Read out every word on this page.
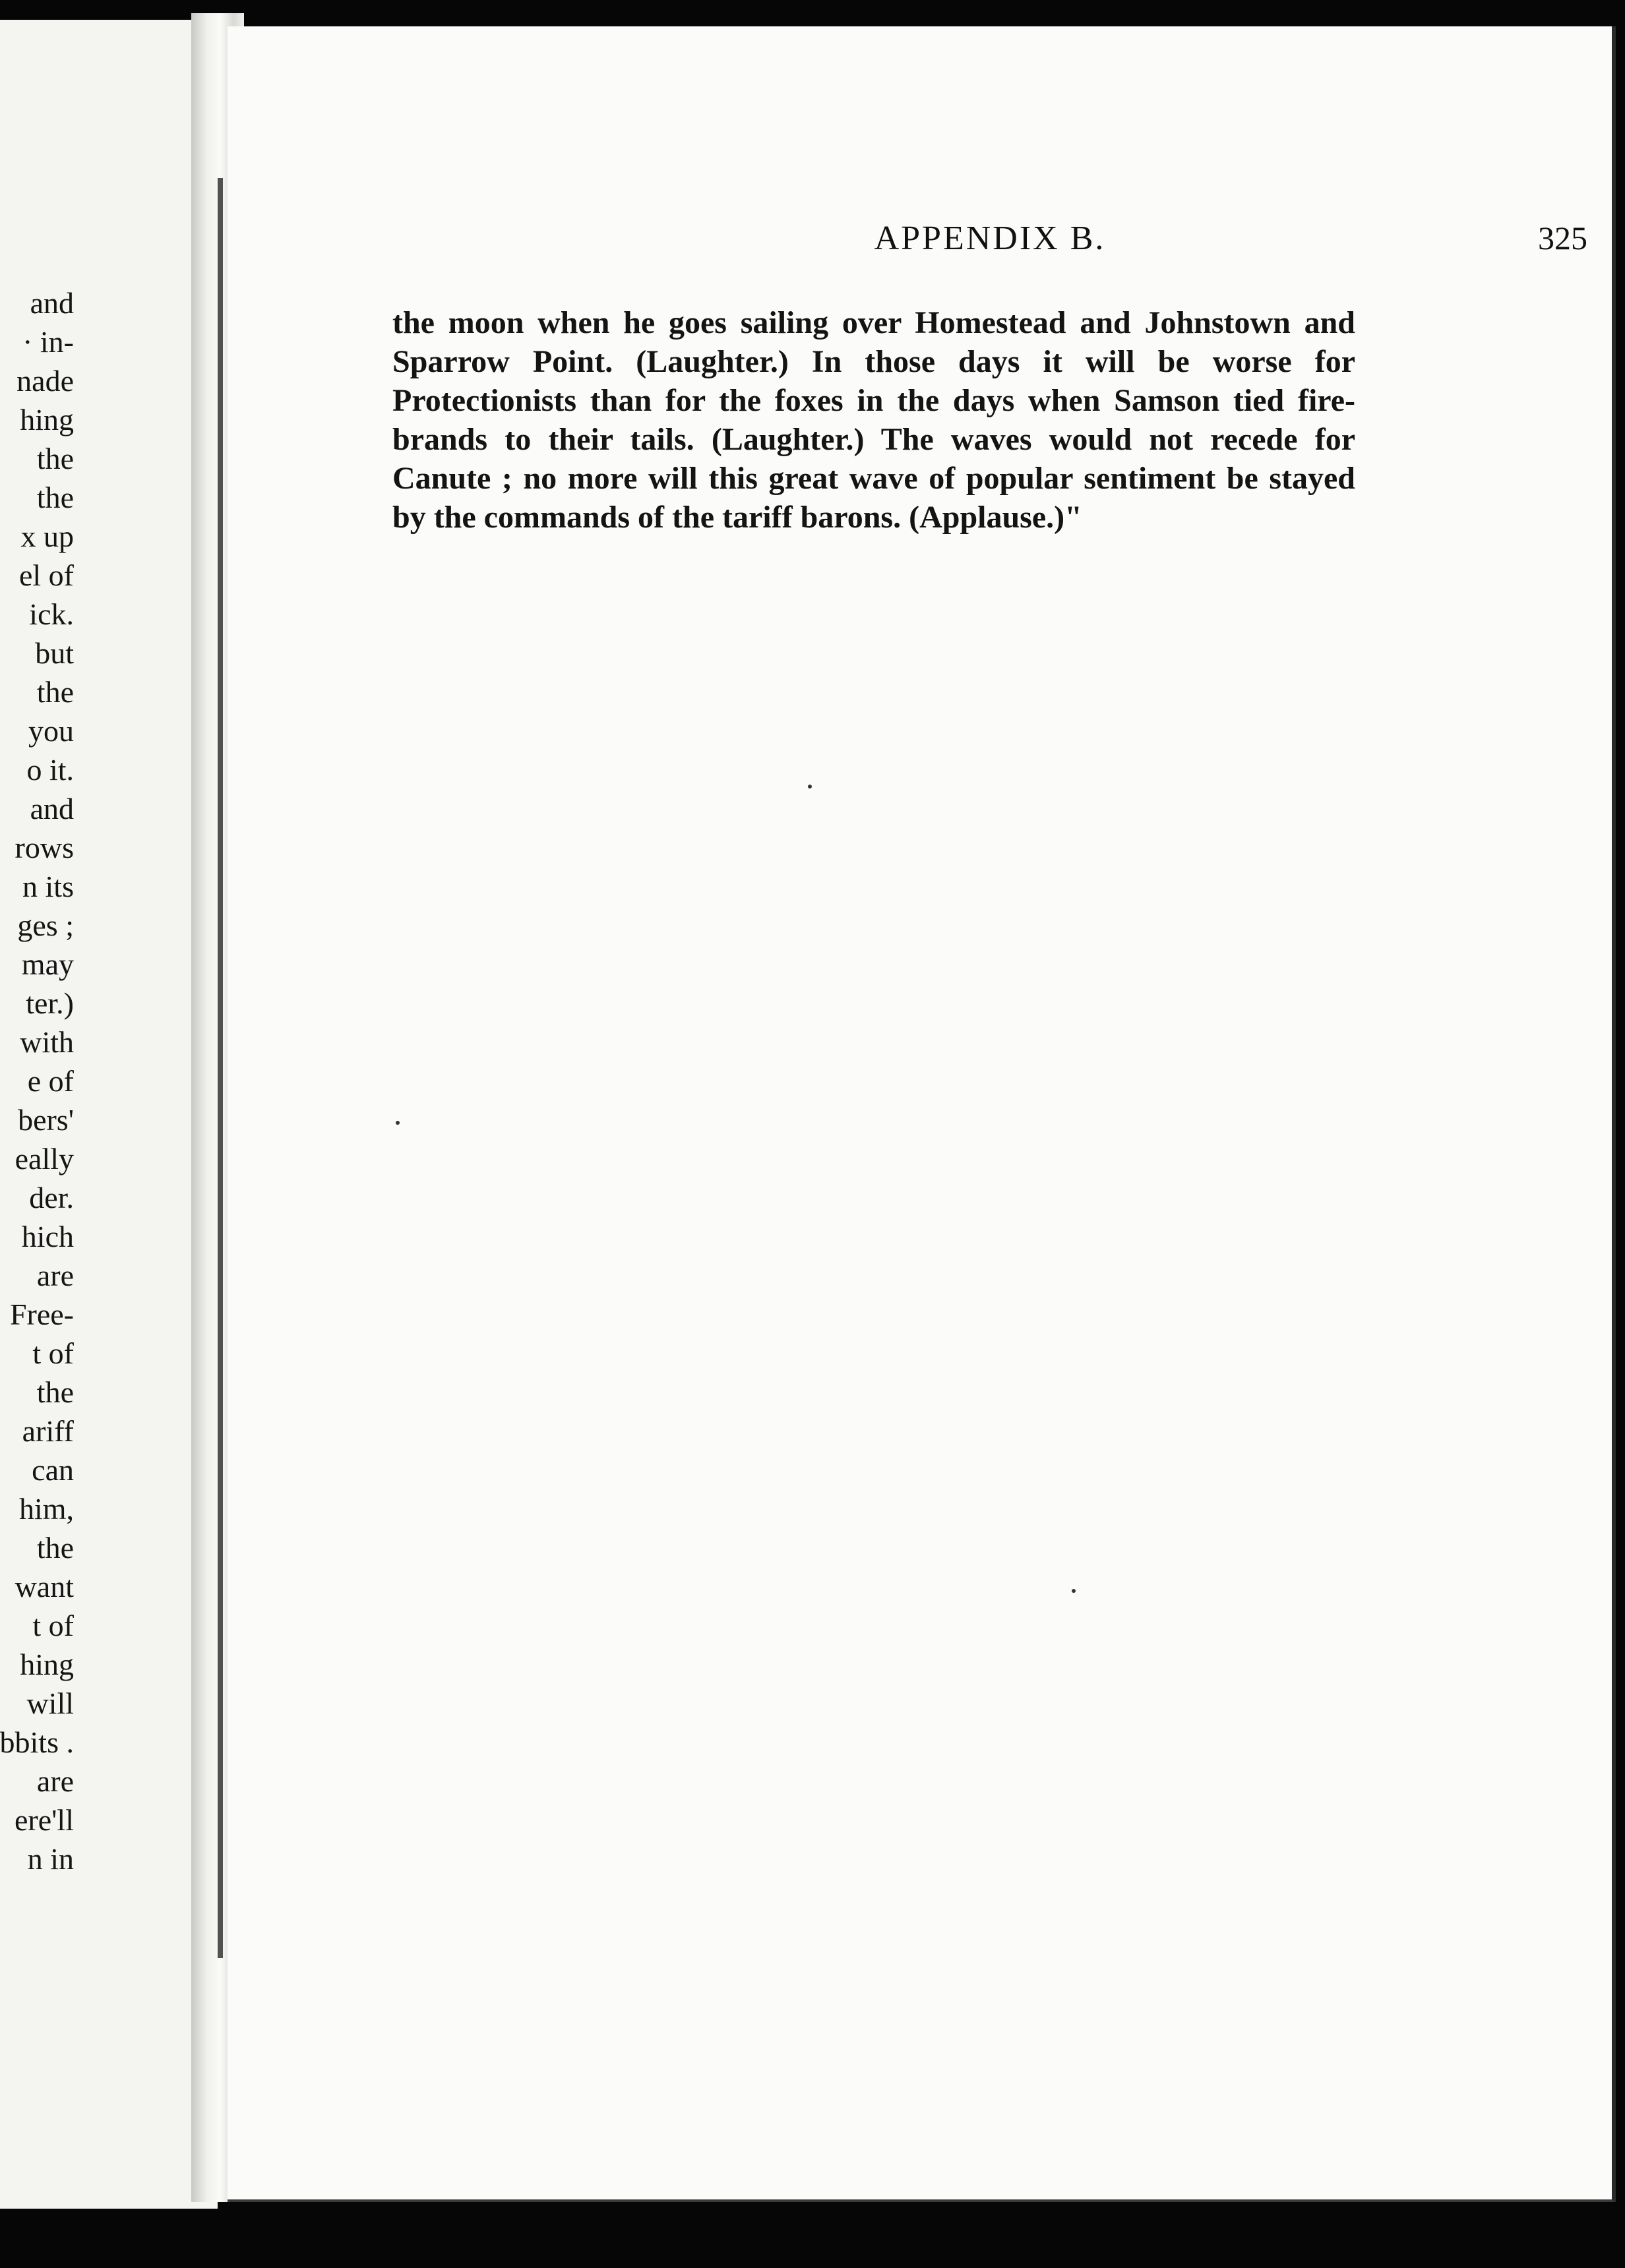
and
· in-
nade
hing
the
the
x up
el of
ick.
but
the
you
o it.
and
rows
n its
ges ;
may
ter.)
with
e of
bers'
eally
der.
hich
are
Free-
t of
the
ariff
can
him,
the
want
t of
hing
will
bbits .
are
ere'll
n in
APPENDIX B.	325
the moon when he goes sailing over Homestead and Johnstown and
Sparrow Point. (Laughter.) In those days it will be worse for
Protectionists than for the foxes in the days when Samson tied fire-
brands to their tails. (Laughter.) The waves would not recede for
Canute ; no more will this great wave of popular sentiment be stayed
by the commands of the tariff barons. (Applause.)"
